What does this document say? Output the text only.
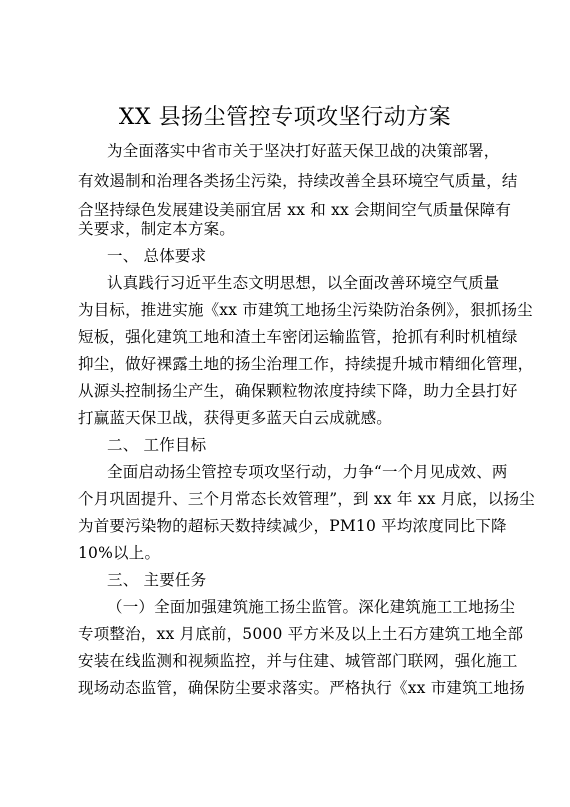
XX 县扬尘管控专项攻坚行动方案
为全面落实中省市关于坚决打好蓝天保卫战的决策部署，
有效遏制和治理各类扬尘污染，持续改善全县环境空气质量，结
合坚持绿色发展建设美丽宜居 xx 和 xx 会期间空气质量保障有
关要求，制定本方案。
一、 总体要求
认真践行习近平生态文明思想，以全面改善环境空气质量
为目标，推进实施《xx 市建筑工地扬尘污染防治条例》，狠抓扬尘
短板，强化建筑工地和渣土车密闭运输监管，抢抓有利时机植绿
抑尘，做好裸露土地的扬尘治理工作，持续提升城市精细化管理，
从源头控制扬尘产生，确保颗粒物浓度持续下降，助力全县打好
打赢蓝天保卫战，获得更多蓝天白云成就感。
二、 工作目标
全面启动扬尘管控专项攻坚行动，力争“一个月见成效、两
个月巩固提升、三个月常态长效管理”，到 xx 年 xx 月底，以扬尘
为首要污染物的超标天数持续减少，PM10 平均浓度同比下降
10%以上。
三、 主要任务
（一）全面加强建筑施工扬尘监管。深化建筑施工工地扬尘
专项整治，xx 月底前，5000 平方米及以上土石方建筑工地全部
安装在线监测和视频监控，并与住建、城管部门联网，强化施工
现场动态监管，确保防尘要求落实。严格执行《xx 市建筑工地扬
